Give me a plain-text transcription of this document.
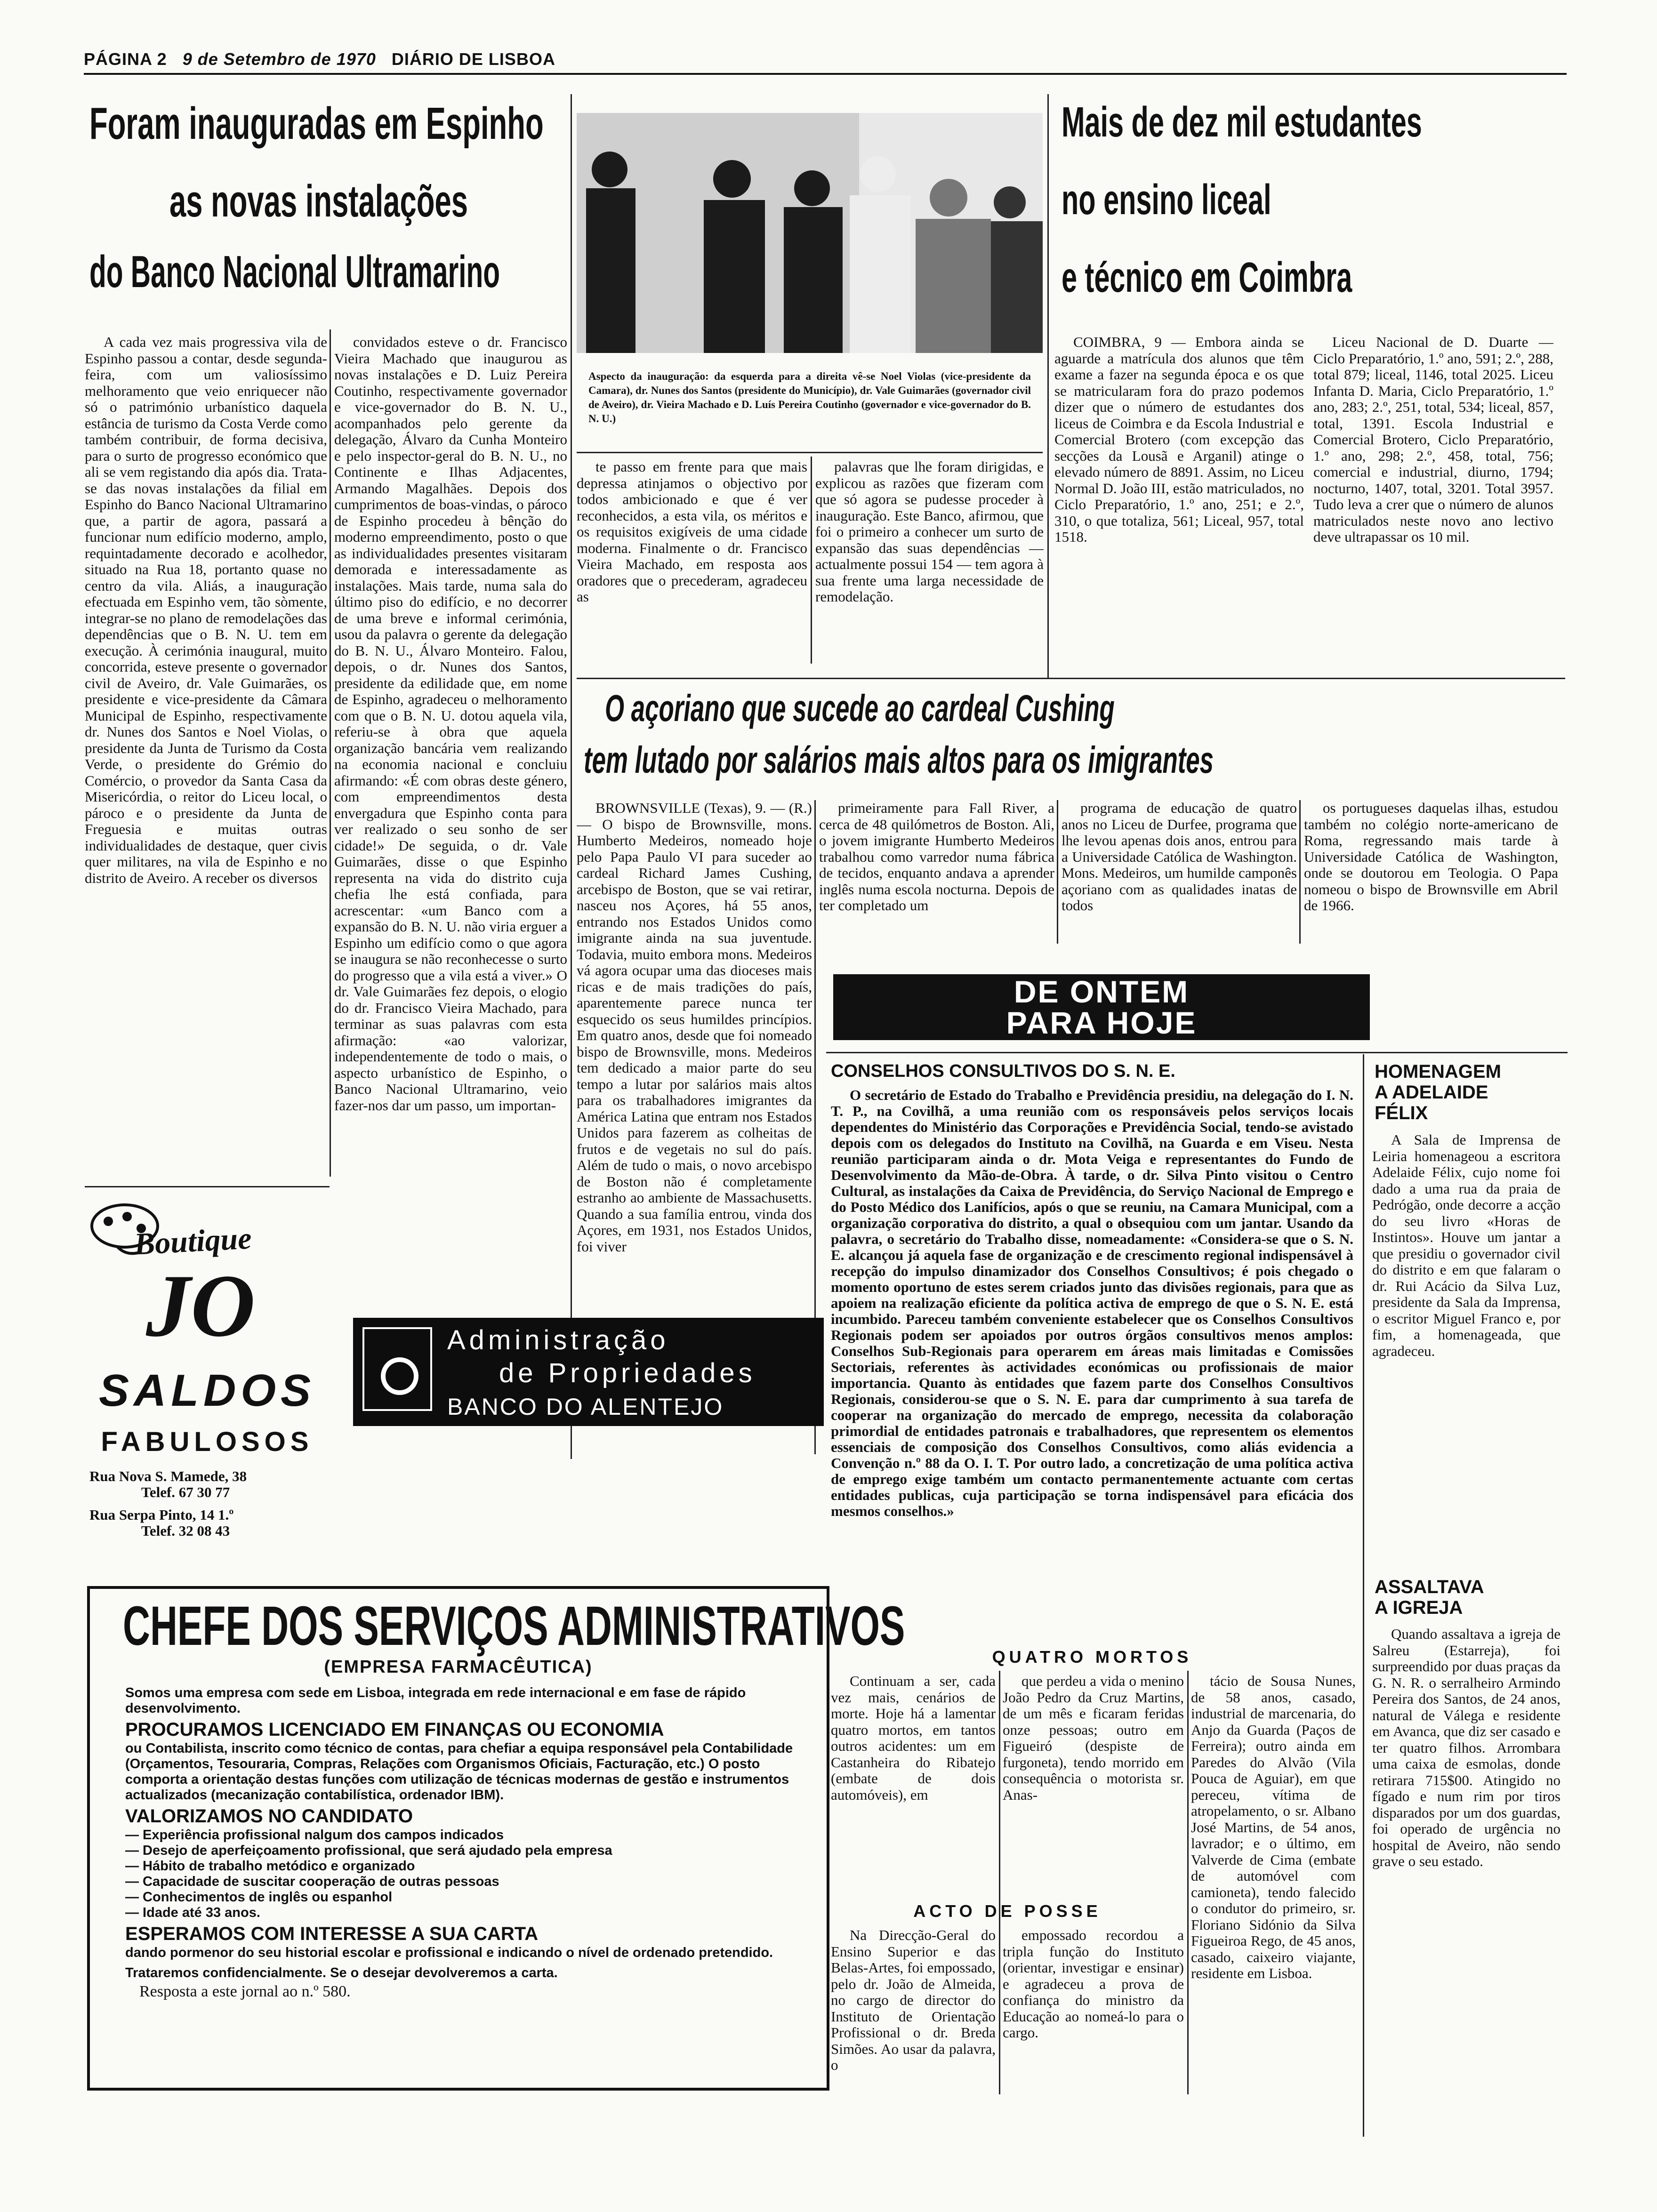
PÁGINA 2 9 de Setembro de 1970 DIÁRIO DE LISBOA
Foram inauguradas em Espinho
as novas instalações
do Banco Nacional Ultramarino

A cada vez mais progressiva vila de Espinho passou a contar, desde segunda-feira, com um valiosíssimo melhoramento que veio enriquecer não só o património urbanístico daquela estância de turismo da Costa Verde como também contribuir, de forma decisiva, para o surto de progresso económico que ali se vem registando dia após dia. Trata-se das novas instalações da filial em Espinho do Banco Nacional Ultramarino que, a partir de agora, passará a funcionar num edifício moderno, amplo, requintadamente decorado e acolhedor, situado na Rua 18, portanto quase no centro da vila. Aliás, a inauguração efectuada em Espinho vem, tão sòmente, integrar-se no plano de remodelações das dependências que o B. N. U. tem em execução. À cerimónia inaugural, muito concorrida, esteve presente o governador civil de Aveiro, dr. Vale Guimarães, os presidente e vice-presidente da Câmara Municipal de Espinho, respectivamente dr. Nunes dos Santos e Noel Violas, o presidente da Junta de Turismo da Costa Verde, o presidente do Grémio do Comércio, o provedor da Santa Casa da Misericórdia, o reitor do Liceu local, o pároco e o presidente da Junta de Freguesia e muitas outras individualidades de destaque, quer civis quer militares, na vila de Espinho e no distrito de Aveiro. A receber os diversos

convidados esteve o dr. Francisco Vieira Machado que inaugurou as novas instalações e D. Luiz Pereira Coutinho, respectivamente governador e vice-governador do B. N. U., acompanhados pelo gerente da delegação, Álvaro da Cunha Monteiro e pelo inspector-geral do B. N. U., no Continente e Ilhas Adjacentes, Armando Magalhães. Depois dos cumprimentos de boas-vindas, o pároco de Espinho procedeu à bênção do moderno empreendimento, posto o que as individualidades presentes visitaram demorada e interessadamente as instalações. Mais tarde, numa sala do último piso do edifício, e no decorrer de uma breve e informal cerimónia, usou da palavra o gerente da delegação do B. N. U., Álvaro Monteiro. Falou, depois, o dr. Nunes dos Santos, presidente da edilidade que, em nome de Espinho, agradeceu o melhoramento com que o B. N. U. dotou aquela vila, referiu-se à obra que aquela organização bancária vem realizando na economia nacional e concluiu afirmando: «É com obras deste género, com empreendimentos desta envergadura que Espinho conta para ver realizado o seu sonho de ser cidade!» De seguida, o dr. Vale Guimarães, disse o que Espinho representa na vida do distrito cuja chefia lhe está confiada, para acrescentar: «um Banco com a expansão do B. N. U. não viria erguer a Espinho um edifício como o que agora se inaugura se não reconhecesse o surto do progresso que a vila está a viver.» O dr. Vale Guimarães fez depois, o elogio do dr. Francisco Vieira Machado, para terminar as suas palavras com esta afirmação: «ao valorizar, independentemente de todo o mais, o aspecto urbanístico de Espinho, o Banco Nacional Ultramarino, veio fazer-nos dar um passo, um importan-

Aspecto da inauguração: da esquerda para a direita vê-se Noel Violas (vice-presidente da Camara), dr. Nunes dos Santos (presidente do Município), dr. Vale Guimarães (governador civil de Aveiro), dr. Vieira Machado e D. Luís Pereira Coutinho (governador e vice-governador do B. N. U.)

te passo em frente para que mais depressa atinjamos o objectivo por todos ambicionado e que é ver reconhecidos, a esta vila, os méritos e os requisitos exigíveis de uma cidade moderna. Finalmente o dr. Francisco Vieira Machado, em resposta aos oradores que o precederam, agradeceu as

palavras que lhe foram dirigidas, e explicou as razões que fizeram com que só agora se pudesse proceder à inauguração. Este Banco, afirmou, que foi o primeiro a conhecer um surto de expansão das suas dependências — actualmente possui 154 — tem agora à sua frente uma larga necessidade de remodelação.

Mais de dez mil estudantes
no ensino liceal
e técnico em Coimbra

COIMBRA, 9 — Embora ainda se aguarde a matrícula dos alunos que têm exame a fazer na segunda época e os que se matricularam fora do prazo podemos dizer que o número de estudantes dos liceus de Coimbra e da Escola Industrial e Comercial Brotero (com excepção das secções da Lousã e Arganil) atinge o elevado número de 8891. Assim, no Liceu Normal D. João III, estão matriculados, no Ciclo Preparatório, 1.º ano, 251; e 2.º, 310, o que totaliza, 561; Liceal, 957, total 1518.

Liceu Nacional de D. Duarte — Ciclo Preparatório, 1.º ano, 591; 2.º, 288, total 879; liceal, 1146, total 2025. Liceu Infanta D. Maria, Ciclo Preparatório, 1.º ano, 283; 2.º, 251, total, 534; liceal, 857, total, 1391. Escola Industrial e Comercial Brotero, Ciclo Preparatório, 1.º ano, 298; 2.º, 458, total, 756; comercial e industrial, diurno, 1794; nocturno, 1407, total, 3201. Total 3957. Tudo leva a crer que o número de alunos matriculados neste novo ano lectivo deve ultrapassar os 10 mil.

O açoriano que sucede ao cardeal Cushing
tem lutado por salários mais altos para os imigrantes

BROWNSVILLE (Texas), 9. — (R.) — O bispo de Brownsville, mons. Humberto Medeiros, nomeado hoje pelo Papa Paulo VI para suceder ao cardeal Richard James Cushing, arcebispo de Boston, que se vai retirar, nasceu nos Açores, há 55 anos, entrando nos Estados Unidos como imigrante ainda na sua juventude. Todavia, muito embora mons. Medeiros vá agora ocupar uma das dioceses mais ricas e de mais tradições do país, aparentemente parece nunca ter esquecido os seus humildes princípios. Em quatro anos, desde que foi nomeado bispo de Brownsville, mons. Medeiros tem dedicado a maior parte do seu tempo a lutar por salários mais altos para os trabalhadores imigrantes da América Latina que entram nos Estados Unidos para fazerem as colheitas de frutos e de vegetais no sul do país. Além de tudo o mais, o novo arcebispo de Boston não é completamente estranho ao ambiente de Massachusetts. Quando a sua família entrou, vinda dos Açores, em 1931, nos Estados Unidos, foi viver

primeiramente para Fall River, a cerca de 48 quilómetros de Boston. Ali, o jovem imigrante Humberto Medeiros trabalhou como varredor numa fábrica de tecidos, enquanto andava a aprender inglês numa escola nocturna. Depois de ter completado um

programa de educação de quatro anos no Liceu de Durfee, programa que lhe levou apenas dois anos, entrou para a Universidade Católica de Washington. Mons. Medeiros, um humilde camponês açoriano com as qualidades inatas de todos

os portugueses daquelas ilhas, estudou também no colégio norte-americano de Roma, regressando mais tarde à Universidade Católica de Washington, onde se doutorou em Teologia. O Papa nomeou o bispo de Brownsville em Abril de 1966.

DE ONTEM
PARA HOJE
CONSELHOS CONSULTIVOS DO S. N. E.

O secretário de Estado do Trabalho e Previdência presidiu, na delegação do I. N. T. P., na Covilhã, a uma reunião com os responsáveis pelos serviços locais dependentes do Ministério das Corporações e Previdência Social, tendo-se avistado depois com os delegados do Instituto na Covilhã, na Guarda e em Viseu. Nesta reunião participaram ainda o dr. Mota Veiga e representantes do Fundo de Desenvolvimento da Mão-de-Obra. À tarde, o dr. Silva Pinto visitou o Centro Cultural, as instalações da Caixa de Previdência, do Serviço Nacional de Emprego e do Posto Médico dos Lanifícios, após o que se reuniu, na Camara Municipal, com a organização corporativa do distrito, a qual o obsequiou com um jantar. Usando da palavra, o secretário do Trabalho disse, nomeadamente: «Considera-se que o S. N. E. alcançou já aquela fase de organização e de crescimento regional indispensável à recepção do impulso dinamizador dos Conselhos Consultivos; é pois chegado o momento oportuno de estes serem criados junto das divisões regionais, para que as apoiem na realização eficiente da política activa de emprego de que o S. N. E. está incumbido. Pareceu também conveniente estabelecer que os Conselhos Consultivos Regionais podem ser apoiados por outros órgãos consultivos menos amplos: Conselhos Sub-Regionais para operarem em áreas mais limitadas e Comissões Sectoriais, referentes às actividades económicas ou profissionais de maior importancia. Quanto às entidades que fazem parte dos Conselhos Consultivos Regionais, considerou-se que o S. N. E. para dar cumprimento à sua tarefa de cooperar na organização do mercado de emprego, necessita da colaboração primordial de entidades patronais e trabalhadores, que representem os elementos essenciais de composição dos Conselhos Consultivos, como aliás evidencia a Convenção n.º 88 da O. I. T. Por outro lado, a concretização de uma política activa de emprego exige também um contacto permanentemente actuante com certas entidades publicas, cuja participação se torna indispensável para eficácia dos mesmos conselhos.»

HOMENAGEM
A ADELAIDE
FÉLIX

A Sala de Imprensa de Leiria homenageou a escritora Adelaide Félix, cujo nome foi dado a uma rua da praia de Pedrógão, onde decorre a acção do seu livro «Horas de Instintos». Houve um jantar a que presidiu o governador civil do distrito e em que falaram o dr. Rui Acácio da Silva Luz, presidente da Sala da Imprensa, o escritor Miguel Franco e, por fim, a homenageada, que agradeceu.

ASSALTAVA
A IGREJA

Quando assaltava a igreja de Salreu (Estarreja), foi surpreendido por duas praças da G. N. R. o serralheiro Armindo Pereira dos Santos, de 24 anos, natural de Válega e residente em Avanca, que diz ser casado e ter quatro filhos. Arrombara uma caixa de esmolas, donde retirara 715$00. Atingido no fígado e num rim por tiros disparados por um dos guardas, foi operado de urgência no hospital de Aveiro, não sendo grave o seu estado.

QUATRO MORTOS

Continuam a ser, cada vez mais, cenários de morte. Hoje há a lamentar quatro mortos, em tantos outros acidentes: um em Castanheira do Ribatejo (embate de dois automóveis), em

que perdeu a vida o menino João Pedro da Cruz Martins, de um mês e ficaram feridas onze pessoas; outro em Figueiró (despiste de furgoneta), tendo morrido em consequência o motorista sr. Anas-

tácio de Sousa Nunes, de 58 anos, casado, industrial de marcenaria, do Anjo da Guarda (Paços de Ferreira); outro ainda em Paredes do Alvão (Vila Pouca de Aguiar), em que pereceu, vítima de atropelamento, o sr. Albano José Martins, de 54 anos, lavrador; e o último, em Valverde de Cima (embate de automóvel com camioneta), tendo falecido o condutor do primeiro, sr. Floriano Sidónio da Silva Figueiroa Rego, de 45 anos, casado, caixeiro viajante, residente em Lisboa.

ACTO DE POSSE

Na Direcção-Geral do Ensino Superior e das Belas-Artes, foi empossado, pelo dr. João de Almeida, no cargo de director do Instituto de Orientação Profissional o dr. Breda Simões. Ao usar da palavra, o

empossado recordou a tripla função do Instituto (orientar, investigar e ensinar) e agradeceu a prova de confiança do ministro da Educação ao nomeá-lo para o cargo.

Boutique
JO
SALDOS
FABULOSOS
Rua Nova S. Mamede, 38
Telef. 67 30 77
Rua Serpa Pinto, 14 1.º
Telef. 32 08 43
Administração
de Propriedades
BANCO DO ALENTEJO
CHEFE DOS SERVIÇOS ADMINISTRATIVOS
(EMPRESA FARMACÊUTICA)
Somos uma empresa com sede em Lisboa, integrada em rede internacional e em fase de rápido desenvolvimento.
PROCURAMOS LICENCIADO EM FINANÇAS OU ECONOMIA
ou Contabilista, inscrito como técnico de contas, para chefiar a equipa responsável pela Contabilidade (Orçamentos, Tesouraria, Compras, Relações com Organismos Oficiais, Facturação, etc.) O posto comporta a orientação destas funções com utilização de técnicas modernas de gestão e instrumentos actualizados (mecanização contabilística, ordenador IBM).
VALORIZAMOS NO CANDIDATO
— Experiência profissional nalgum dos campos indicados
— Desejo de aperfeiçoamento profissional, que será ajudado pela empresa
— Hábito de trabalho metódico e organizado
— Capacidade de suscitar cooperação de outras pessoas
— Conhecimentos de inglês ou espanhol
— Idade até 33 anos.
ESPERAMOS COM INTERESSE A SUA CARTA
dando pormenor do seu historial escolar e profissional e indicando o nível de ordenado pretendido.
Trataremos confidencialmente. Se o desejar devolveremos a carta.
Resposta a este jornal ao n.º 580.
